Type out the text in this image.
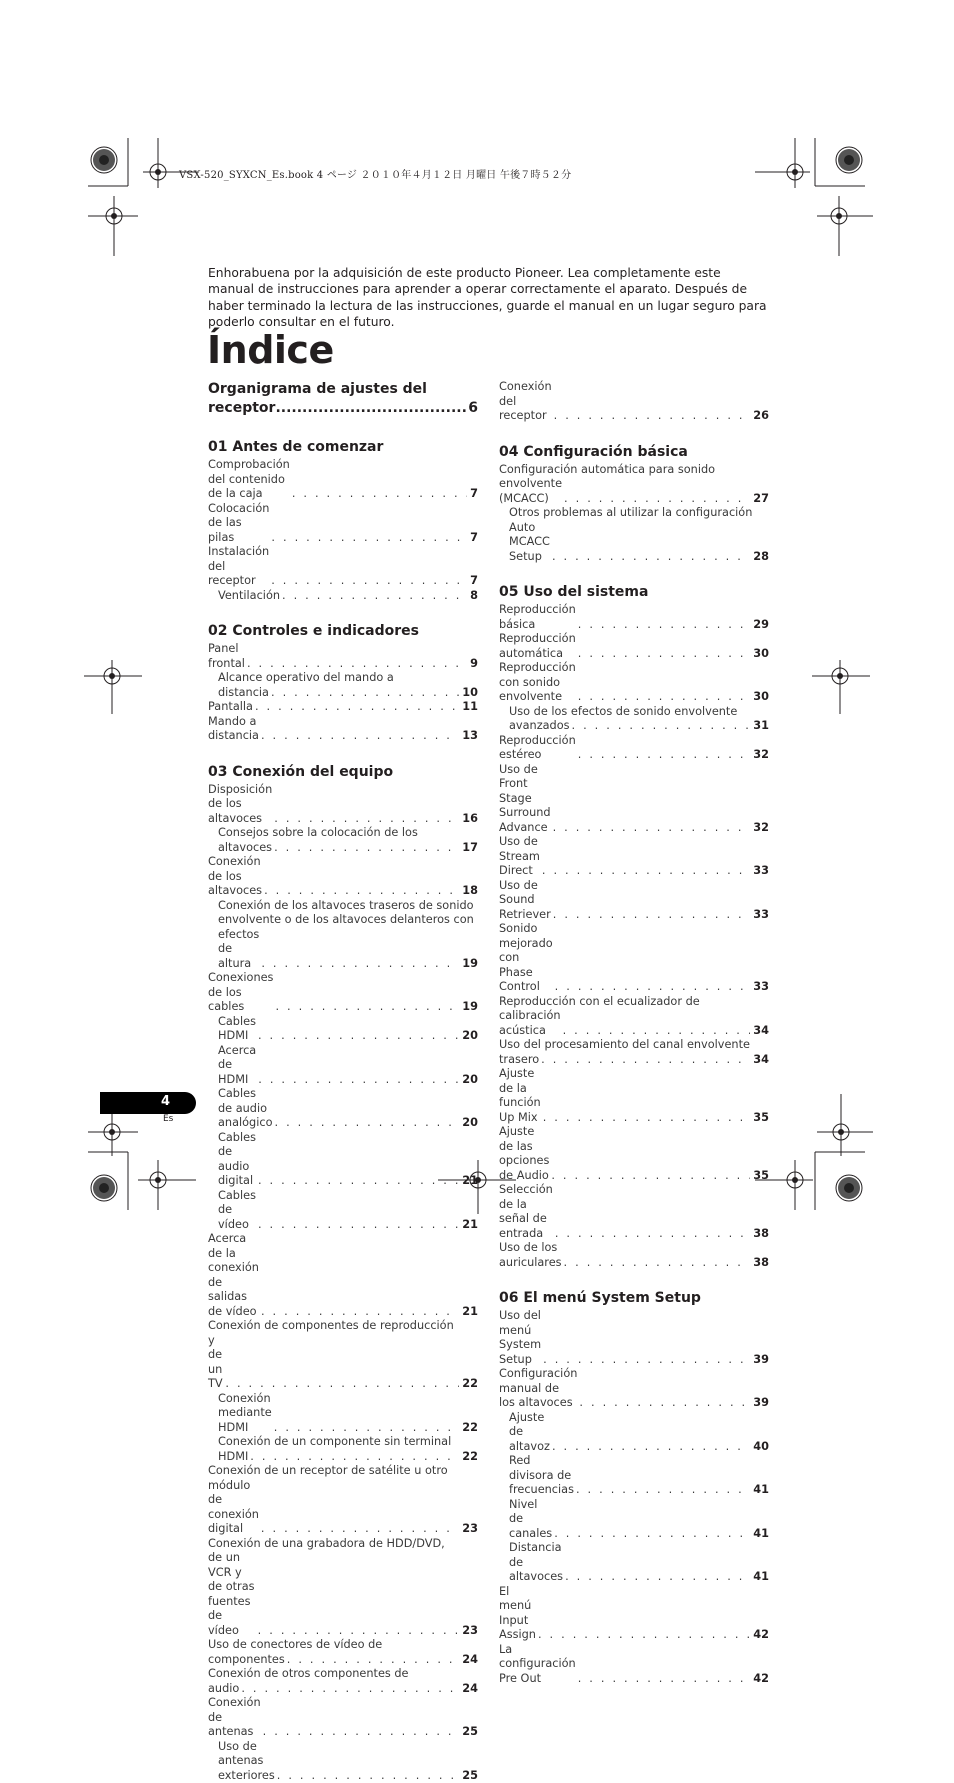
VSX-520_SYXCN_Es.book 4 ページ ２０１０年４月１２日 月曜日 午後７時５２分

Enhorabuena por la adquisición de este producto Pioneer. Lea completamente este manual de instrucciones para aprender a operar correctamente el aparato. Después de haber terminado la lectura de las instrucciones, guarde el manual en un lugar seguro para poderlo consultar en el futuro.

Índice
Organigrama de ajustes del
receptor .....	6
01 Antes de comenzar
Comprobación del contenido de la caja . . .	7
Colocación de las pilas . . .	7
Instalación del receptor . . .	7
Ventilación . . .	8
02 Controles e indicadores
Panel frontal . . .	9
Alcance operativo del mando a
distancia . . .	10
Pantalla . . .	11
Mando a distancia . . .	13
03 Conexión del equipo
Disposición de los altavoces . . .	16
Consejos sobre la colocación de los
altavoces . . .	17
Conexión de los altavoces . . .	18
Conexión de los altavoces traseros de sonido
envolvente o de los altavoces delanteros con
efectos de altura . . .	19
Conexiones de los cables . . .	19
Cables HDMI . . .	20
Acerca de HDMI . . .	20
Cables de audio analógico . . .	20
Cables de audio digital . . .	21
Cables de vídeo . . .	21
Acerca de la conexión de salidas de vídeo . . .	21
Conexión de componentes de reproducción
y de un TV . . .	22
Conexión mediante HDMI . . .	22
Conexión de un componente sin terminal
HDMI . . .	22
Conexión de un receptor de satélite u otro
módulo de conexión digital . . .	23
Conexión de una grabadora de HDD/DVD,
de un VCR y de otras fuentes de vídeo . . .	23
Uso de conectores de vídeo de
componentes . . .	24
Conexión de otros componentes de
audio . . .	24
Conexión de antenas . . .	25
Uso de antenas exteriores . . .	25
Conexión del receptor . . .	26
04 Configuración básica
Configuración automática para sonido
envolvente (MCACC) . . .	27
Otros problemas al utilizar la configuración
Auto MCACC Setup . . .	28
05 Uso del sistema
Reproducción básica . . .	29
Reproducción automática . . .	30
Reproducción con sonido envolvente . . .	30
Uso de los efectos de sonido envolvente
avanzados . . .	31
Reproducción estéreo . . .	32
Uso de Front Stage Surround Advance . . .	32
Uso de Stream Direct . . .	33
Uso de Sound Retriever . . .	33
Sonido mejorado con Phase Control . . .	33
Reproducción con el ecualizador de
calibración acústica . . .	34
Uso del procesamiento del canal envolvente
trasero . . .	34
Ajuste de la función Up Mix . . .	35
Ajuste de las opciones de Audio . . .	35
Selección de la señal de entrada . . .	38
Uso de los auriculares . . .	38
06 El menú System Setup
Uso del menú System Setup . . .	39
Configuración manual de los altavoces . . .	39
Ajuste de altavoz . . .	40
Red divisora de frecuencias . . .	41
Nivel de canales . . .	41
Distancia de altavoces . . .	41
El menú Input Assign . . .	42
La configuración Pre Out . . .	42
4
Es
